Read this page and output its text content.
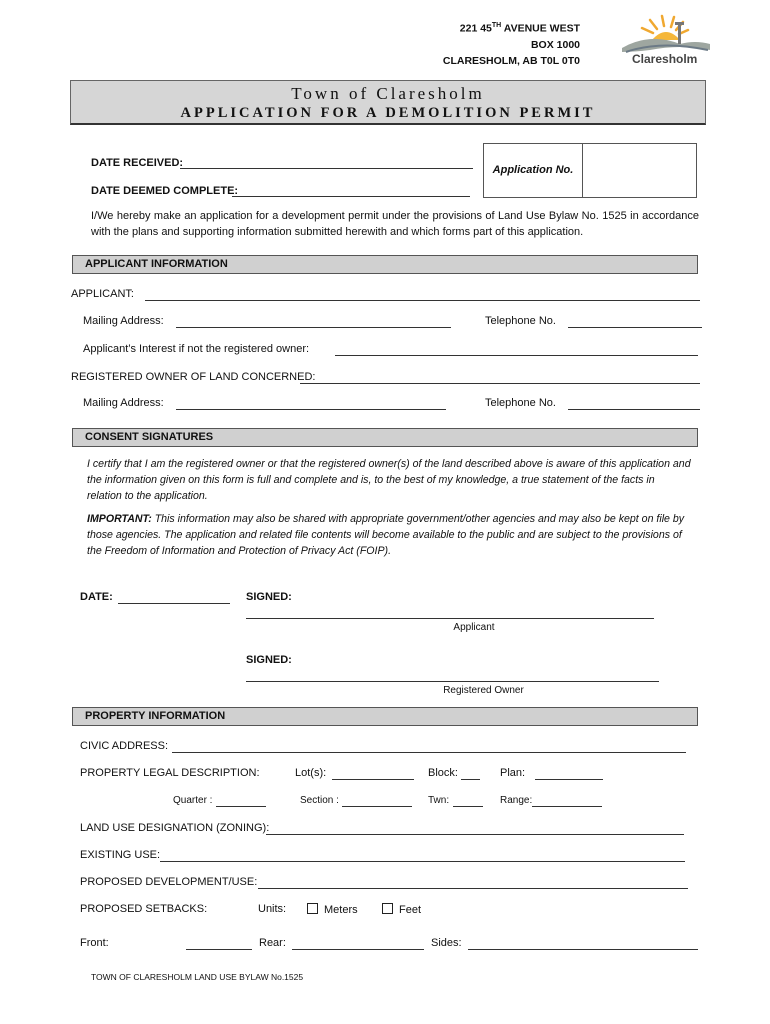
221 45TH AVENUE WEST
BOX 1000
CLARESHOLM, AB T0L 0T0	Claresholm
Town of Claresholm
APPLICATION FOR A DEMOLITION PERMIT
DATE RECEIVED:
DATE DEEMED COMPLETE:
Application No.
I/We hereby make an application for a development permit under the provisions of Land Use Bylaw No. 1525 in accordance with the plans and supporting information submitted herewith and which forms part of this application.
APPLICANT INFORMATION
APPLICANT:
Mailing Address:	Telephone No.
Applicant’s Interest if not the registered owner:
REGISTERED OWNER OF LAND CONCERNED:
Mailing Address:	Telephone No.
CONSENT SIGNATURES
I certify that I am the registered owner or that the registered owner(s) of the land described above is aware of this application and the information given on this form is full and complete and is, to the best of my knowledge, a true statement of the facts in relation to the application.
IMPORTANT: This information may also be shared with appropriate government/other agencies and may also be kept on file by those agencies. The application and related file contents will become available to the public and are subject to the provisions of the Freedom of Information and Protection of Privacy Act (FOIP).
DATE:	SIGNED:
Applicant
SIGNED:
Registered Owner
PROPERTY INFORMATION
CIVIC ADDRESS:
PROPERTY LEGAL DESCRIPTION:	Lot(s):	Block:	Plan:
Quarter :	Section :	Twn:	Range:
LAND USE DESIGNATION (ZONING):
EXISTING USE:
PROPOSED DEVELOPMENT/USE:
PROPOSED SETBACKS:	Units:	Meters	Feet
Front:	Rear:	Sides:
TOWN OF CLARESHOLM LAND USE BYLAW No.1525
